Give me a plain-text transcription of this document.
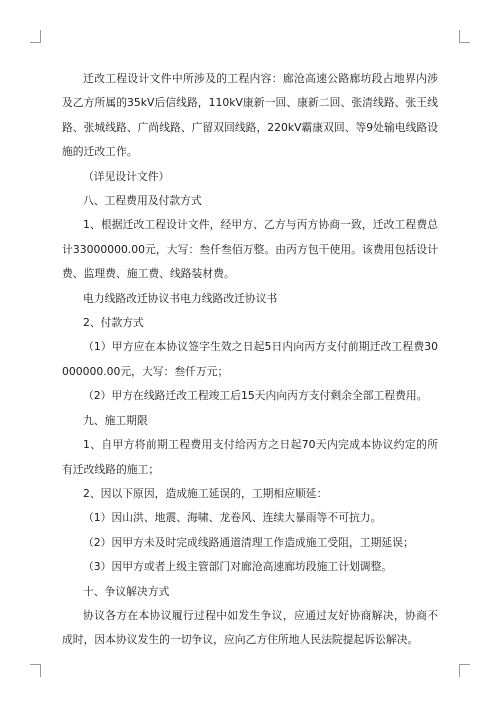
迁改工程设计文件中所涉及的工程内容：廊沧高速公路廊坊段占地界内涉及乙方所属的35kV后信线路，110kV康新一回、康新二回、张清线路、张王线路、张城线路、广尚线路、广留双回线路，220kV霸康双回、等9处输电线路设施的迁改工作。

（详见设计文件）

八、工程费用及付款方式

1、根据迁改工程设计文件，经甲方、乙方与丙方协商一致，迁改工程费总计33000000.00元，大写：叁仟叁佰万整。由丙方包干使用。该费用包括设计费、监理费、施工费、线路装材费。

电力线路改迁协议书电力线路改迁协议书

2、付款方式

（1）甲方应在本协议签字生效之日起5日内向丙方支付前期迁改工程费30000000.00元，大写：叁仟万元；

（2）甲方在线路迁改工程竣工后15天内向丙方支付剩余全部工程费用。

九、施工期限

1、自甲方将前期工程费用支付给丙方之日起70天内完成本协议约定的所有迁改线路的施工；

2、因以下原因，造成施工延误的，工期相应顺延：

（1）因山洪、地震、海啸、龙卷风、连续大暴雨等不可抗力。

（2）因甲方未及时完成线路通道清理工作造成施工受阻，工期延误；

（3）因甲方或者上级主管部门对廊沧高速廊坊段施工计划调整。

十、争议解决方式

协议各方在本协议履行过程中如发生争议，应通过友好协商解决，协商不成时，因本协议发生的一切争议，应向乙方住所地人民法院提起诉讼解决。
